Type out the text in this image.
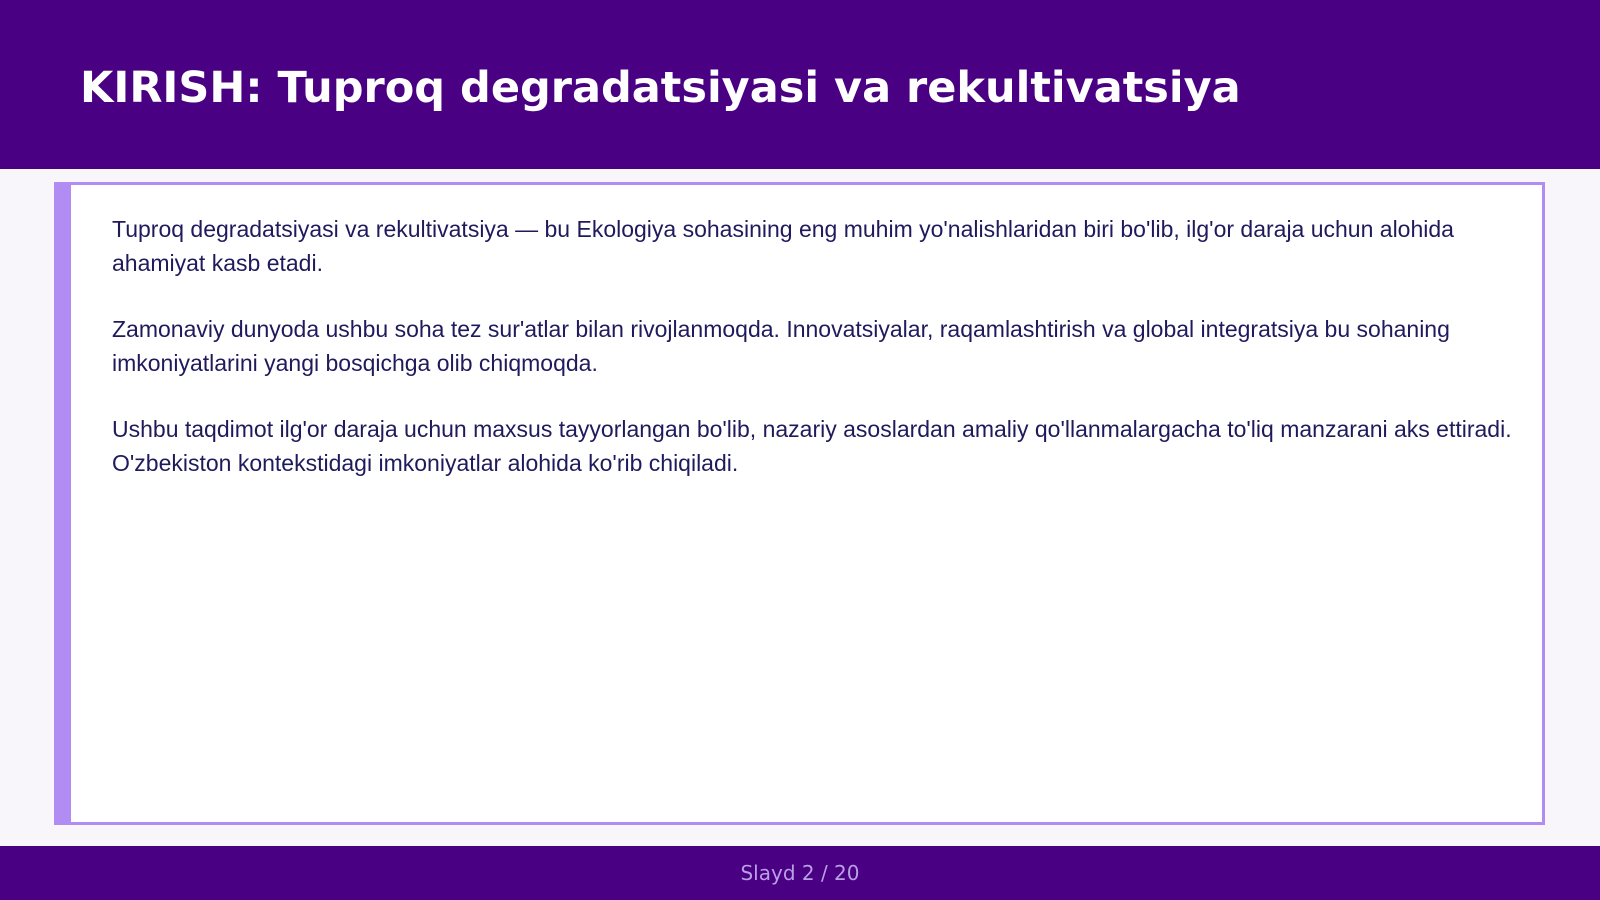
KIRISH: Tuproq degradatsiyasi va rekultivatsiya

Tuproq degradatsiyasi va rekultivatsiya — bu Ekologiya sohasining eng muhim yo'nalishlaridan biri bo'lib, ilg'or daraja uchun alohida ahamiyat kasb etadi.

Zamonaviy dunyoda ushbu soha tez sur'atlar bilan rivojlanmoqda. Innovatsiyalar, raqamlashtirish va global integratsiya bu sohaning imkoniyatlarini yangi bosqichga olib chiqmoqda.

Ushbu taqdimot ilg'or daraja uchun maxsus tayyorlangan bo'lib, nazariy asoslardan amaliy qo'llanmalargacha to'liq manzarani aks ettiradi. O'zbekiston kontekstidagi imkoniyatlar alohida ko'rib chiqiladi.

Slayd 2 / 20
